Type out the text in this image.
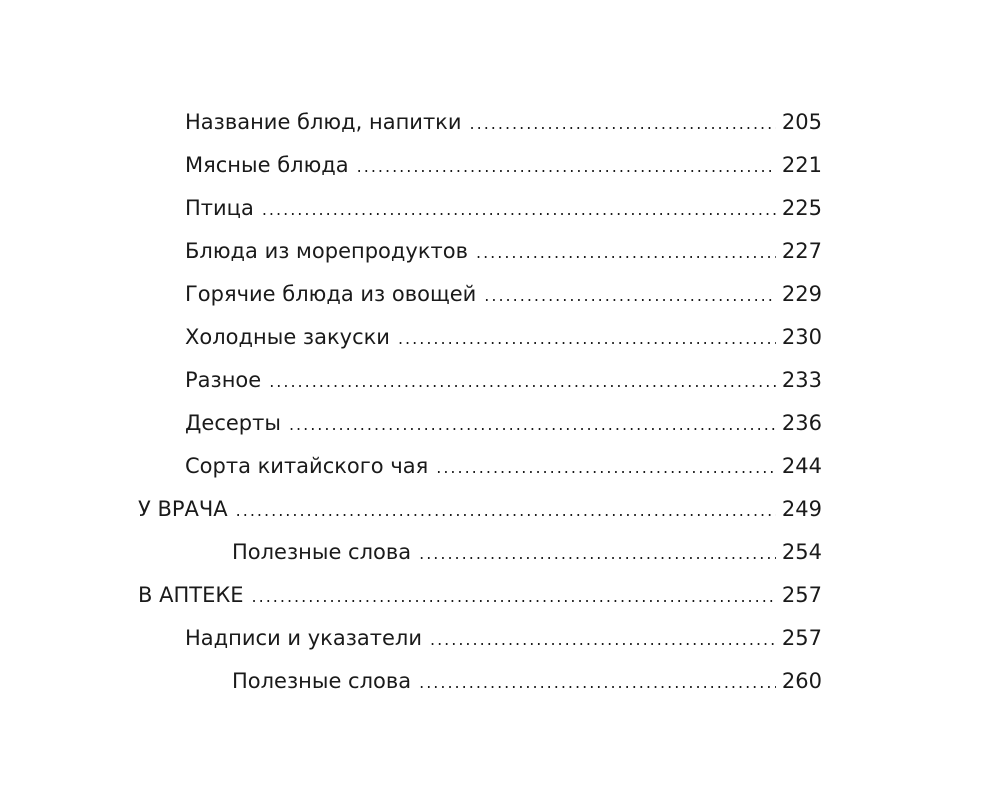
Название блюд, напитки .....	205
Мясные блюда .....	221
Птица .....	225
Блюда из морепродуктов .....	227
Горячие блюда из овощей .....	229
Холодные закуски .....	230
Разное .....	233
Десерты .....	236
Сорта китайского чая .....	244
У ВРАЧА .....	249
Полезные слова .....	254
В АПТЕКЕ .....	257
Надписи и указатели .....	257
Полезные слова .....	260
